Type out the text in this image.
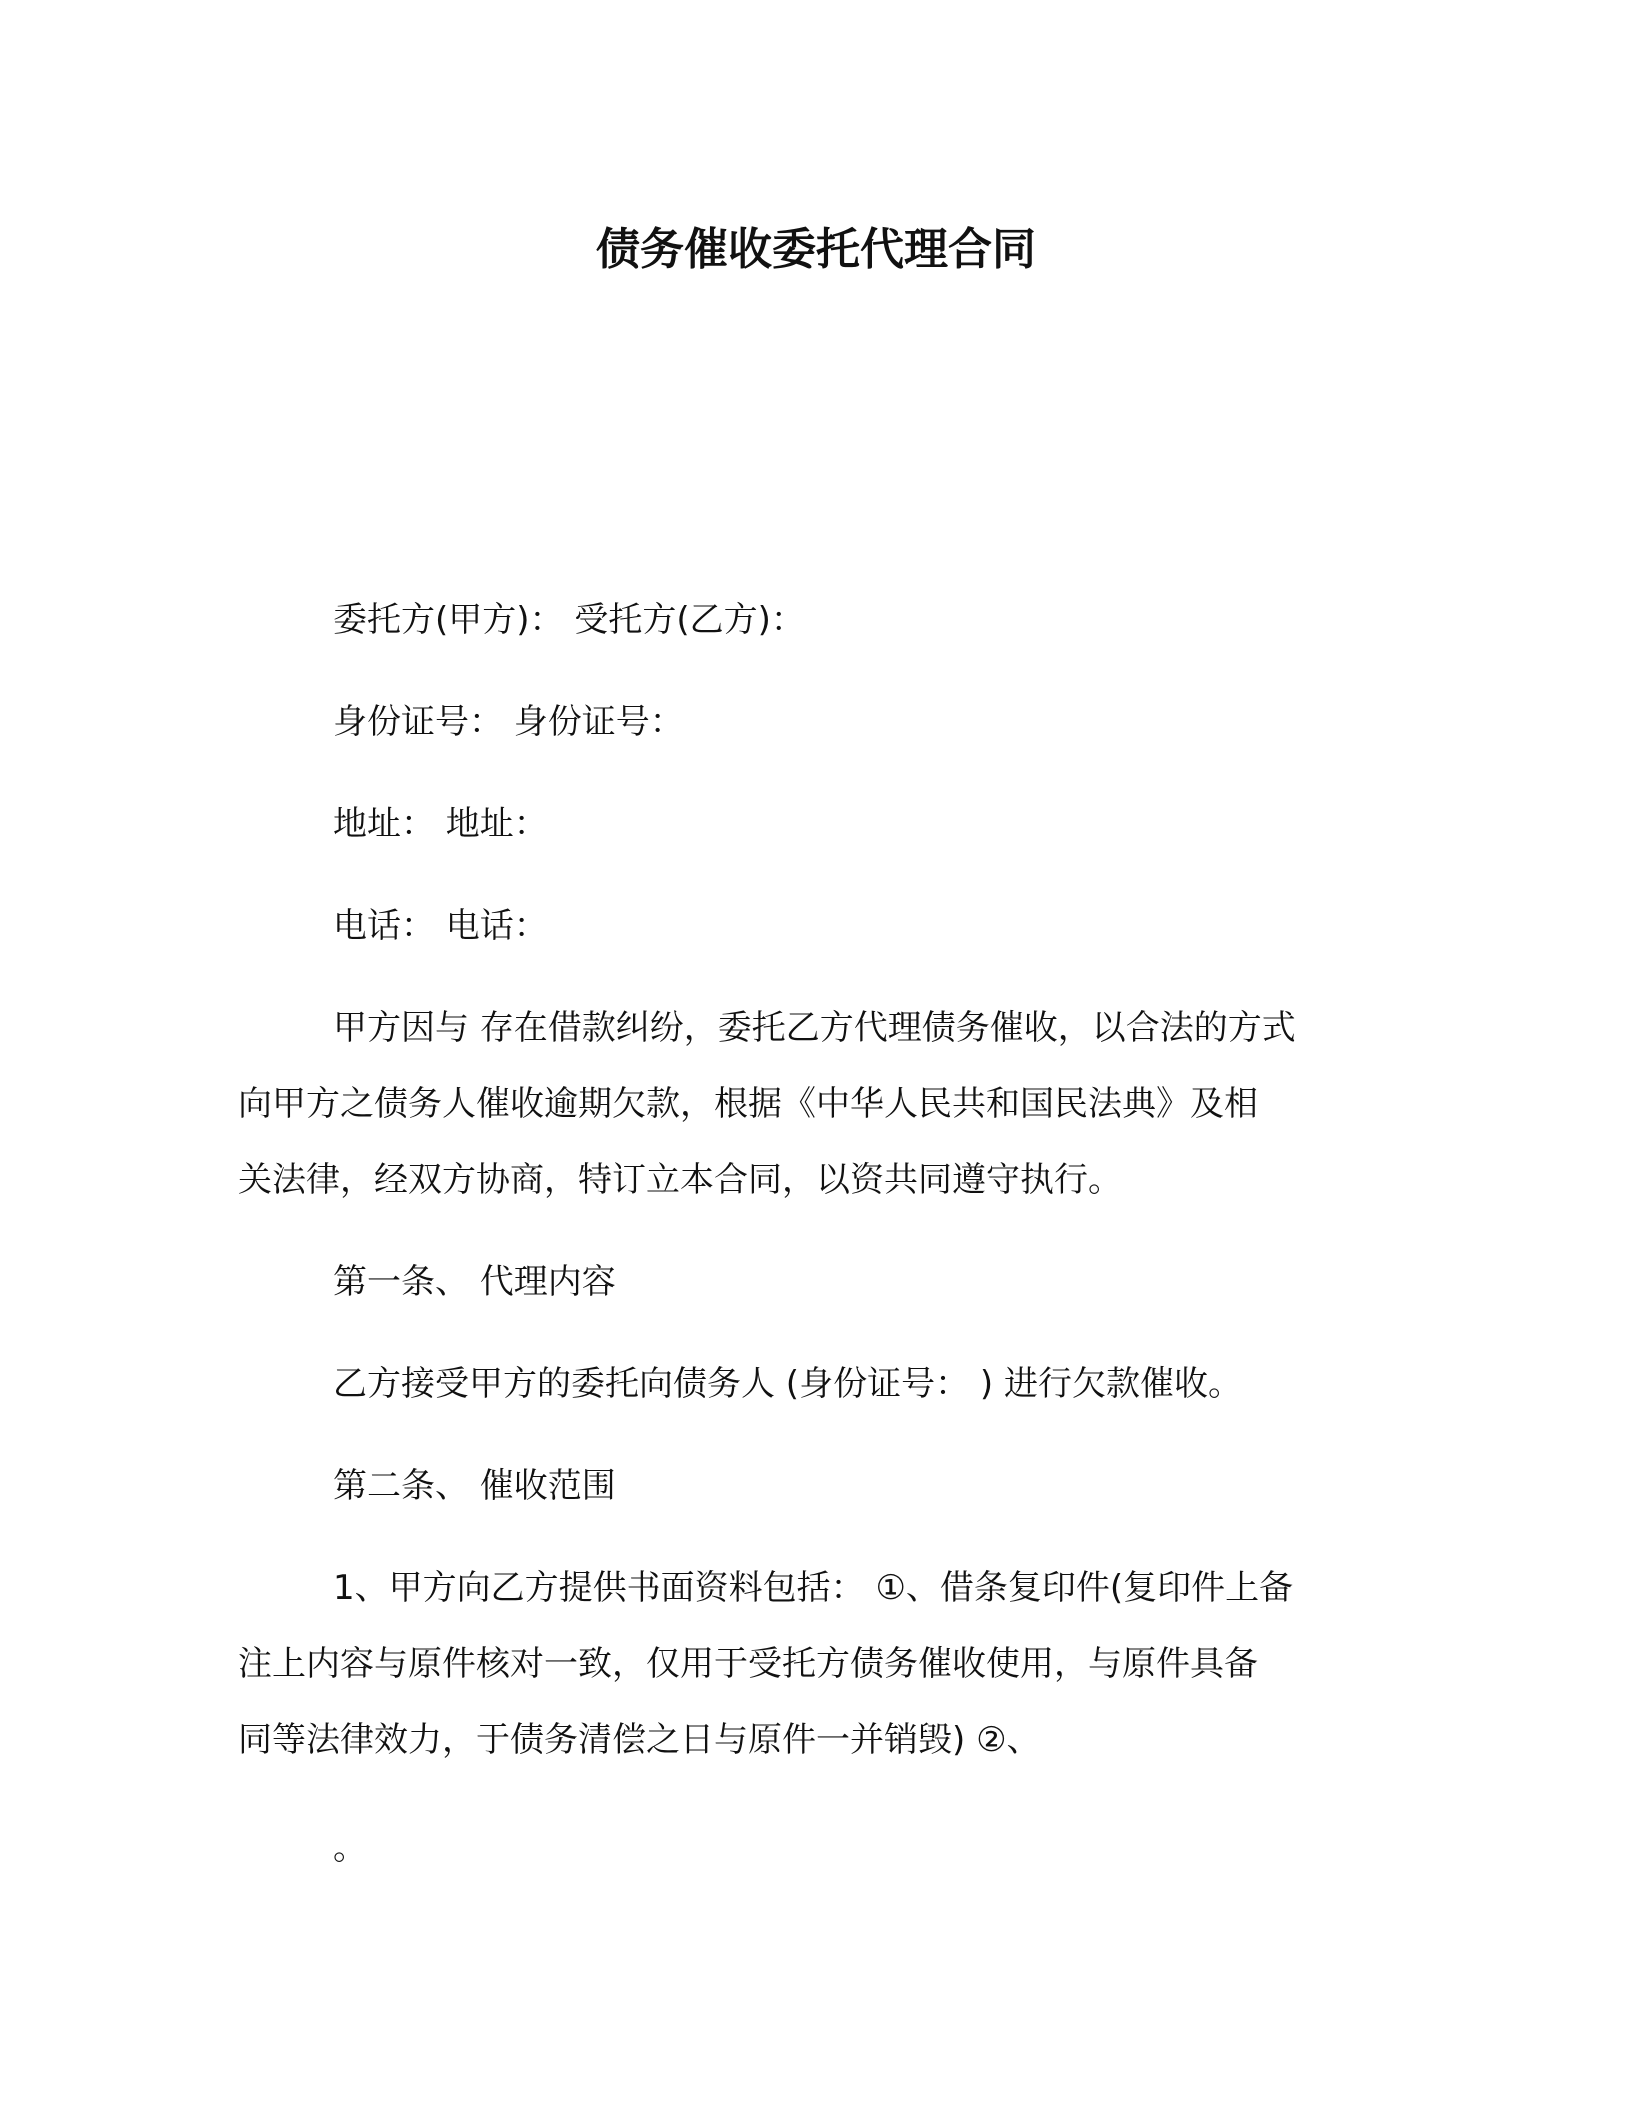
债务催收委托代理合同
委托方(甲方)： 受托方(乙方)：
身份证号： 身份证号：
地址： 地址：
电话： 电话：
甲方因与 存在借款纠纷，委托乙方代理债务催收，以合法的方式
向甲方之债务人催收逾期欠款，根据《中华人民共和国民法典》及相
关法律，经双方协商，特订立本合同，以资共同遵守执行。
第一条、 代理内容
乙方接受甲方的委托向债务人 (身份证号： ) 进行欠款催收。
第二条、 催收范围
1、甲方向乙方提供书面资料包括： ①、借条复印件(复印件上备
注上内容与原件核对一致，仅用于受托方债务催收使用，与原件具备
同等法律效力，于债务清偿之日与原件一并销毁) ②、
。
